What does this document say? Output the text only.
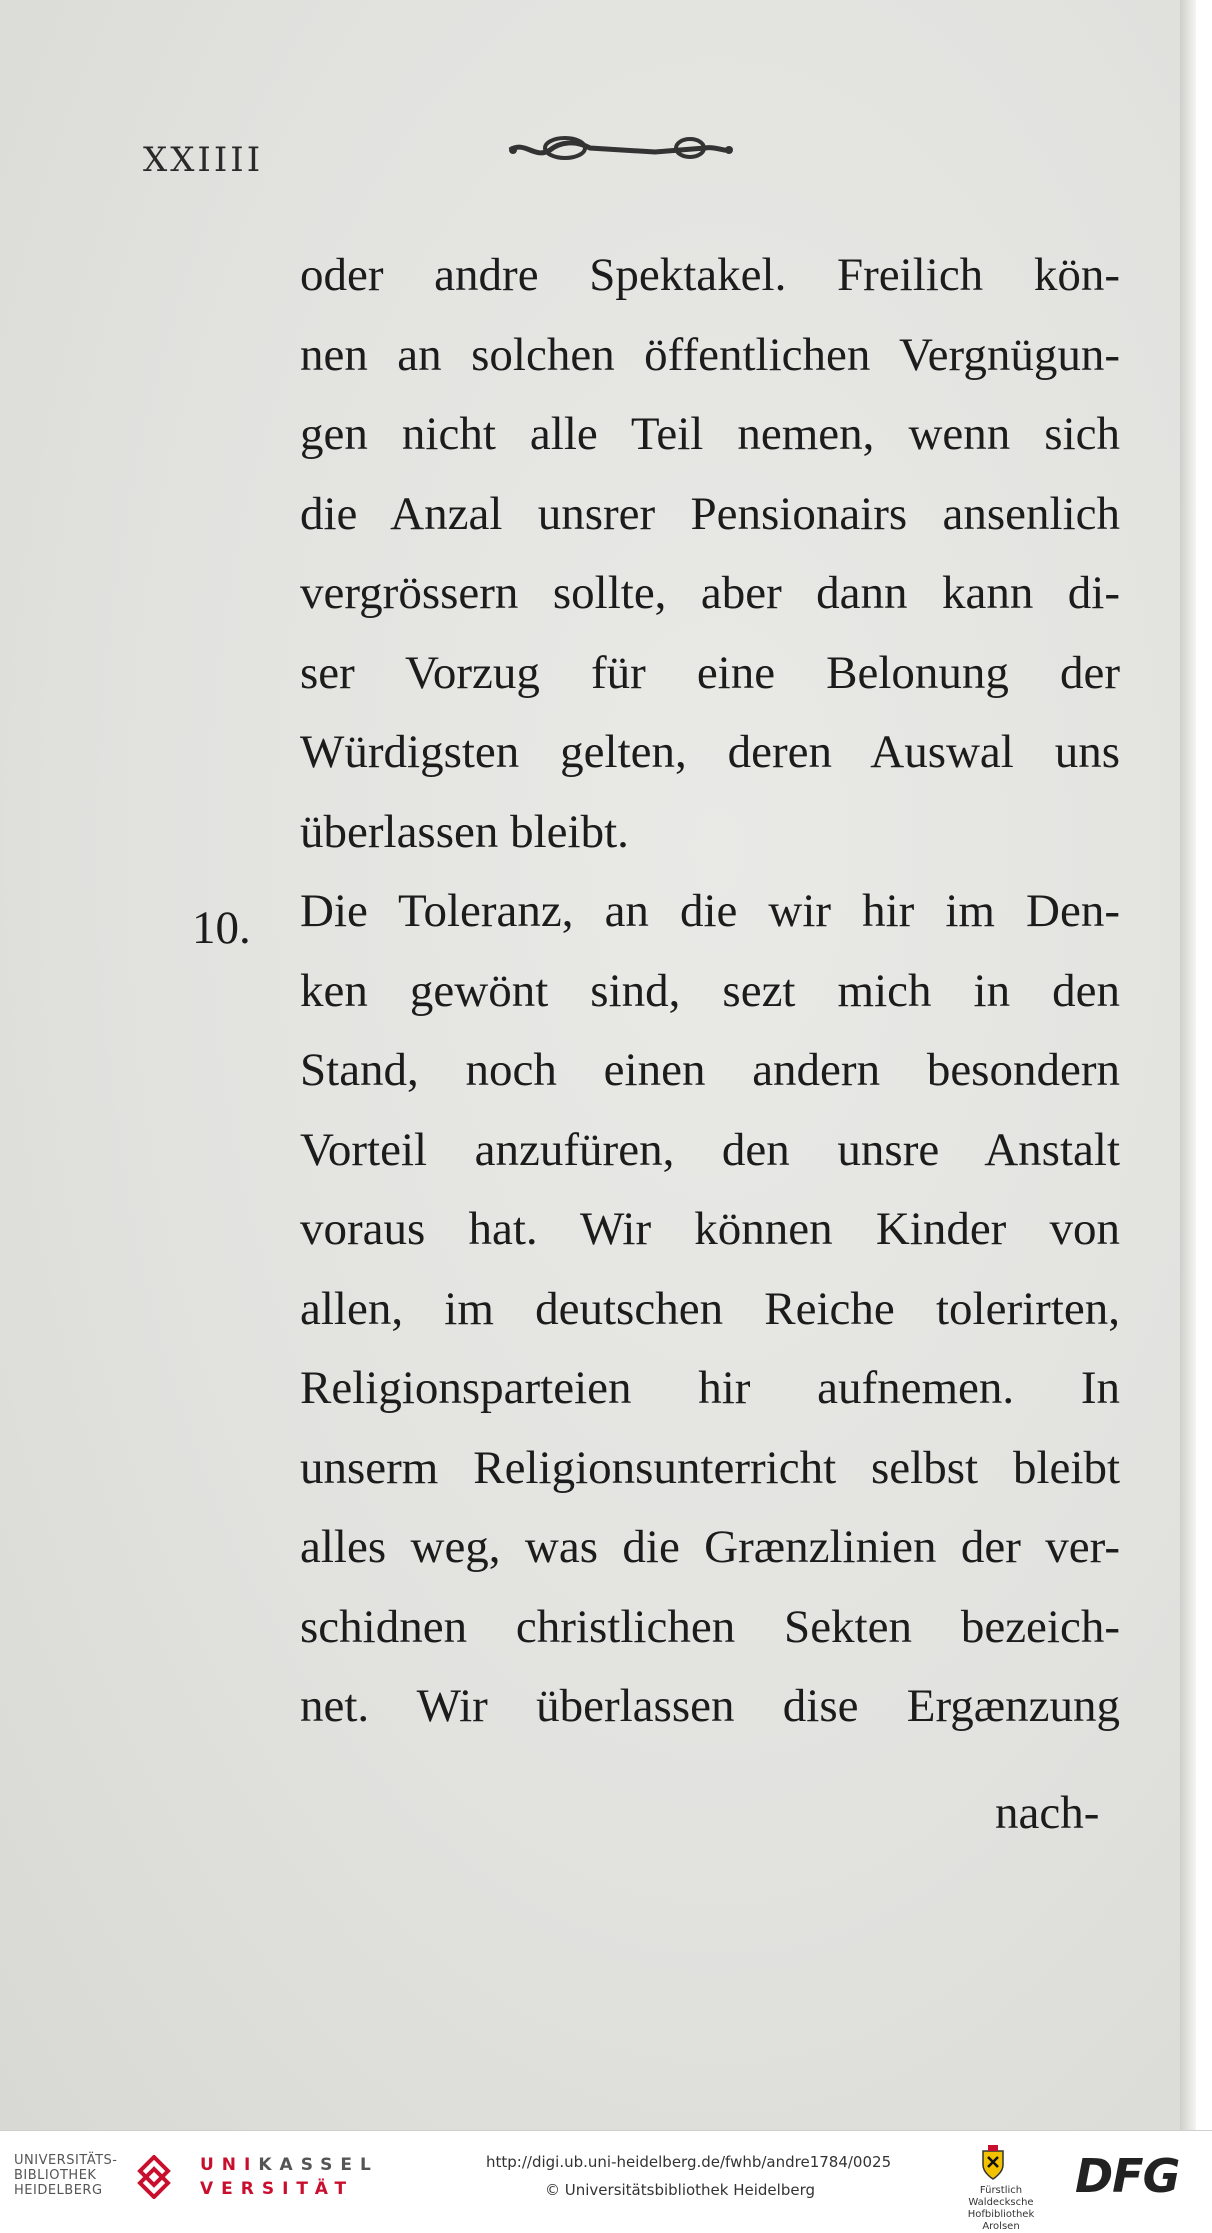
XXIIII
10.
oder andre Spektakel. Freilich kön-
nen an solchen öffentlichen Vergnügun-
gen nicht alle Teil nemen, wenn sich
die Anzal unsrer Pensionairs ansenlich
vergrössern sollte, aber dann kann di-
ser Vorzug für eine Belonung der
Würdigsten gelten, deren Auswal uns
überlassen bleibt.
Die Toleranz, an die wir hir im Den-
ken gewönt sind, sezt mich in den
Stand, noch einen andern besondern
Vorteil anzufüren, den unsre Anstalt
voraus hat. Wir können Kinder von
allen, im deutschen Reiche tolerirten,
Religionsparteien hir aufnemen. In
unserm Religionsunterricht selbst bleibt
alles weg, was die Grænzlinien der ver-
schidnen christlichen Sekten bezeich-
net. Wir überlassen dise Ergænzung
nach-
UNIVERSITÄTS-
BIBLIOTHEK
HEIDELBERG
UNIKASSEL
VERSITÄT
http://digi.ub.uni-heidelberg.de/fwhb/andre1784/0025
© Universitätsbibliothek Heidelberg	Fürstlich Waldecksche
Hofbibliothek Arolsen
DFG
